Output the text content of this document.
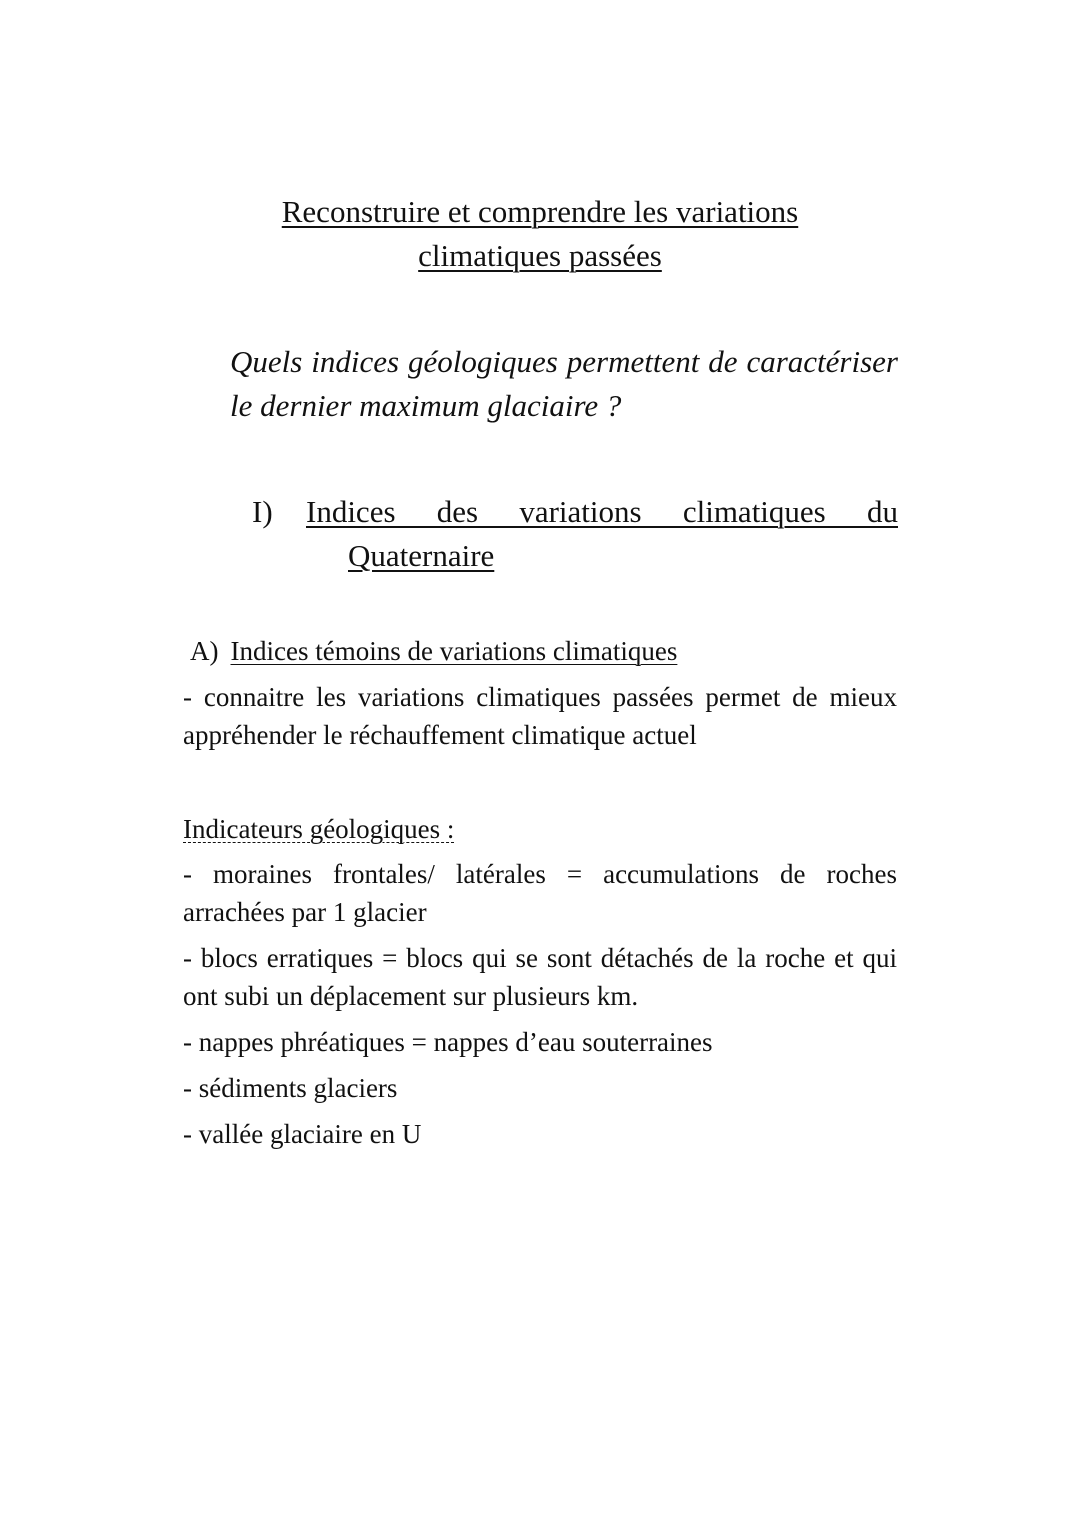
Reconstruire et comprendre les variations
climatiques passées
Quels indices géologiques permettent de caractériser le dernier maximum glaciaire ?
I) Indices des variations climatiques du
Quaternaire
A) Indices témoins de variations climatiques
- connaitre les variations climatiques passées permet de mieux appréhender le réchauffement climatique actuel
Indicateurs géologiques :
- moraines frontales/ latérales = accumulations de roches arrachées par 1 glacier
- blocs erratiques = blocs qui se sont détachés de la roche et qui ont subi un déplacement sur plusieurs km.
- nappes phréatiques = nappes d’eau souterraines
- sédiments glaciers
- vallée glaciaire en U
